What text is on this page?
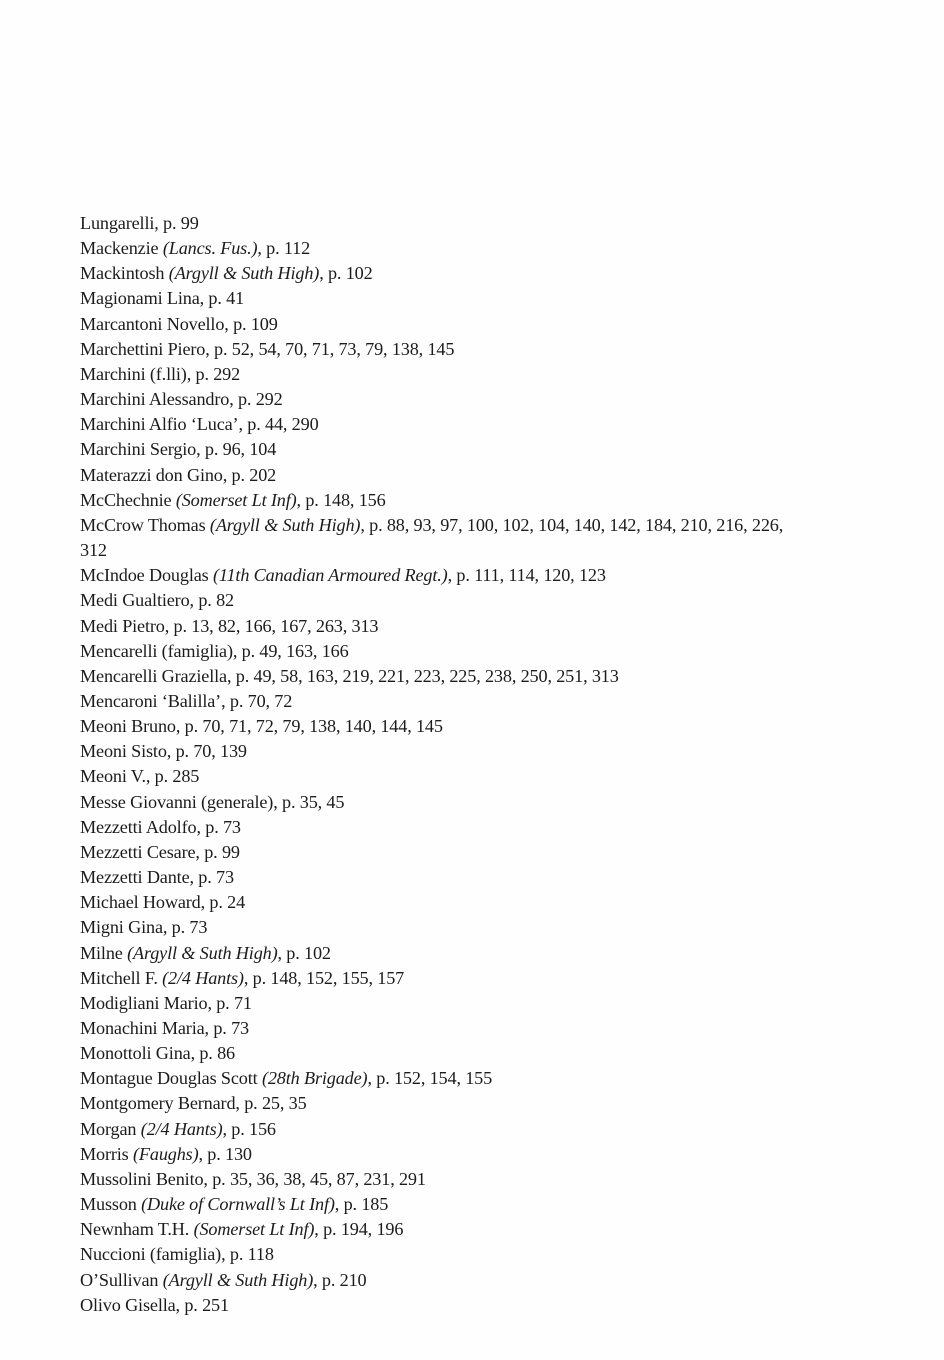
Lungarelli, p. 99
Mackenzie (Lancs. Fus.), p. 112
Mackintosh (Argyll & Suth High), p. 102
Magionami Lina, p. 41
Marcantoni Novello, p. 109
Marchettini Piero, p. 52, 54, 70, 71, 73, 79, 138, 145
Marchini (f.lli), p. 292
Marchini Alessandro, p. 292
Marchini Alfio ‘Luca’, p. 44, 290
Marchini Sergio, p. 96, 104
Materazzi don Gino, p. 202
McChechnie (Somerset Lt Inf), p. 148, 156
McCrow Thomas (Argyll & Suth High), p. 88, 93, 97, 100, 102, 104, 140, 142, 184, 210, 216, 226, 312
McIndoe Douglas (11th Canadian Armoured Regt.), p. 111, 114, 120, 123
Medi Gualtiero, p. 82
Medi Pietro, p. 13, 82, 166, 167, 263, 313
Mencarelli (famiglia), p. 49, 163, 166
Mencarelli Graziella, p. 49, 58, 163, 219, 221, 223, 225, 238, 250, 251, 313
Mencaroni ‘Balilla’, p. 70, 72
Meoni Bruno, p. 70, 71, 72, 79, 138, 140, 144, 145
Meoni Sisto, p. 70, 139
Meoni V., p. 285
Messe Giovanni (generale), p. 35, 45
Mezzetti Adolfo, p. 73
Mezzetti Cesare, p. 99
Mezzetti Dante, p. 73
Michael Howard, p. 24
Migni Gina, p. 73
Milne (Argyll & Suth High), p. 102
Mitchell F. (2/4 Hants), p. 148, 152, 155, 157
Modigliani Mario, p. 71
Monachini Maria, p. 73
Monottoli Gina, p. 86
Montague Douglas Scott (28th Brigade), p. 152, 154, 155
Montgomery Bernard, p. 25, 35
Morgan (2/4 Hants), p. 156
Morris (Faughs), p. 130
Mussolini Benito, p. 35, 36, 38, 45, 87, 231, 291
Musson (Duke of Cornwall’s Lt Inf), p. 185
Newnham T.H. (Somerset Lt Inf), p. 194, 196
Nuccioni (famiglia), p. 118
O’Sullivan (Argyll & Suth High), p. 210
Olivo Gisella, p. 251
